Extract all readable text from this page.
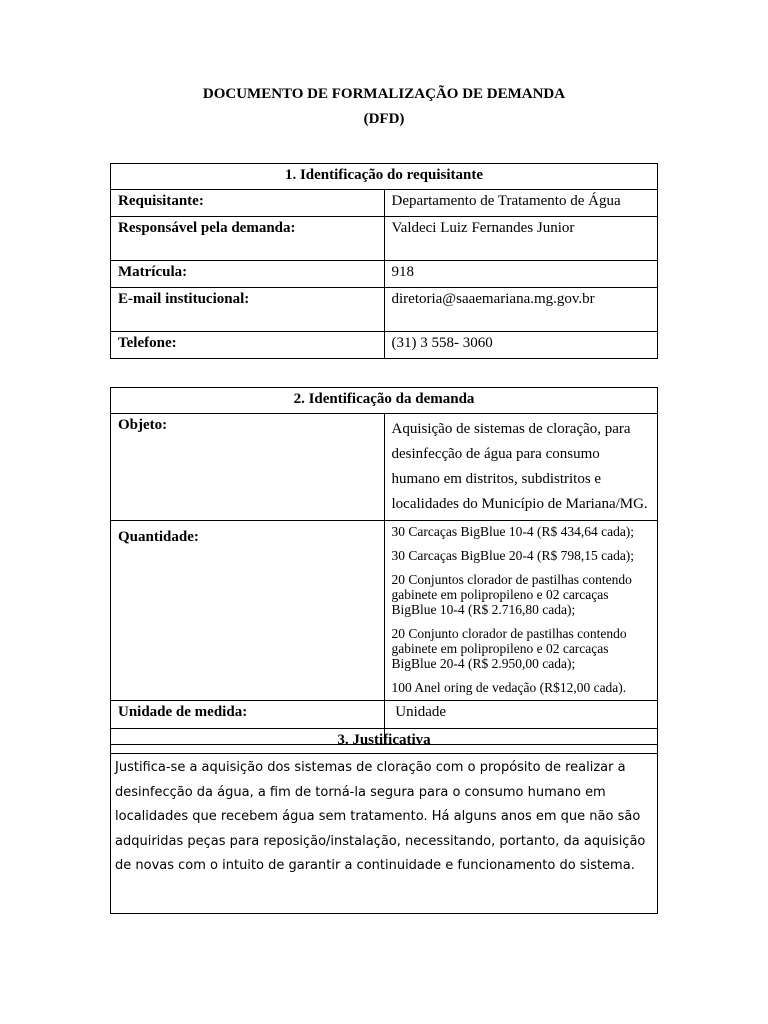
DOCUMENTO DE FORMALIZAÇÃO DE DEMANDA
(DFD)
1. Identificação do requisitante	
Requisitante:	Departamento de Tratamento de Água
Responsável pela demanda:	Valdeci Luiz Fernandes Junior
Matrícula:	918
E-mail institucional:	diretoria@saaemariana.mg.gov.br
Telefone:	(31) 3 558- 3060
2. Identificação da demanda	
Objeto:	Aquisição de sistemas de cloração, para desinfecção de água para consumo humano em distritos, subdistritos e localidades do Município de Mariana/MG.
Quantidade:	30 Carcaças BigBlue 10-4 (R$ 434,64 cada);
30 Carcaças BigBlue 20-4 (R$ 798,15 cada);
20 Conjuntos clorador de pastilhas contendo gabinete em polipropileno e 02 carcaças BigBlue 10-4 (R$ 2.716,80 cada);
20 Conjunto clorador de pastilhas contendo gabinete em polipropileno e 02 carcaças BigBlue 20-4 (R$ 2.950,00 cada);
100 Anel oring de vedação (R$12,00 cada).

Unidade de medida:	Unidade
3. Justificativa
Justifica-se a aquisição dos sistemas de cloração com o propósito de realizar a desinfecção da água, a fim de torná-la segura para o consumo humano em localidades que recebem água sem tratamento. Há alguns anos em que não são adquiridas peças para reposição/instalação, necessitando, portanto, da aquisição de novas com o intuito de garantir a continuidade e funcionamento do sistema.
